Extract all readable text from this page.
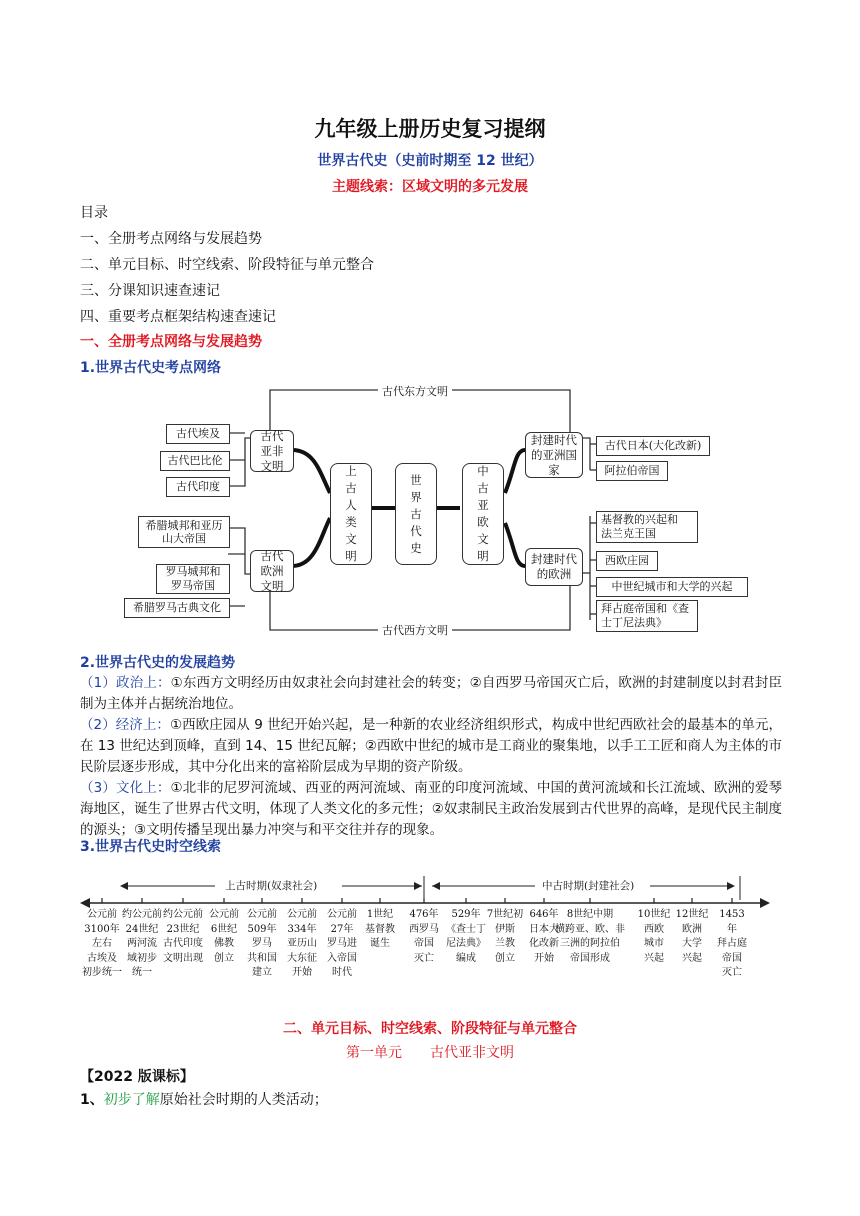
九年级上册历史复习提纲
世界古代史（史前时期至 12 世纪）
主题线索：区域文明的多元发展
目录
一、全册考点网络与发展趋势
二、单元目标、时空线索、阶段特征与单元整合
三、分课知识速查速记
四、重要考点框架结构速查速记
一、全册考点网络与发展趋势
1.世界古代史考点网络
古代东方文明
古代西方文明
古代埃及
古代巴比伦
古代印度
希腊城邦和亚历山大帝国
罗马城邦和罗马帝国
希腊罗马古典文化
古代亚非文明
古代欧洲文明
上古人类文明
世界古代史
中古亚欧文明
封建时代的亚洲国家
封建时代的欧洲
古代日本(大化改新)
阿拉伯帝国
基督教的兴起和法兰克王国
西欧庄园
中世纪城市和大学的兴起
拜占庭帝国和《查士丁尼法典》
2.世界古代史的发展趋势
（1）政治上：①东西方文明经历由奴隶社会向封建社会的转变；②自西罗马帝国灭亡后，欧洲的封建制度以封君封臣制为主体并占据统治地位。
（2）经济上：①西欧庄园从 9 世纪开始兴起，是一种新的农业经济组织形式，构成中世纪西欧社会的最基本的单元，在 13 世纪达到顶峰，直到 14、15 世纪瓦解；②西欧中世纪的城市是工商业的聚集地，以手工工匠和商人为主体的市民阶层逐步形成，其中分化出来的富裕阶层成为早期的资产阶级。
（3）文化上：①北非的尼罗河流域、西亚的两河流域、南亚的印度河流域、中国的黄河流域和长江流域、欧洲的爱琴海地区，诞生了世界古代文明，体现了人类文化的多元性；②奴隶制民主政治发展到古代世界的高峰，是现代民主制度的源头；③文明传播呈现出暴力冲突与和平交往并存的现象。
3.世界古代史时空线索
上古时期(奴隶社会)	中古时期(封建社会)
公元前
3100年左右
古埃及
初步统一
约公元前
24世纪
两河流
域初步
统一
约公元前
23世纪
古代印度
文明出现
公元前
6世纪
佛教
创立
公元前
509年
罗马
共和国
建立
公元前
334年
亚历山
大东征
开始
公元前
27年
罗马进
入帝国
时代
1世纪
基督教
诞生
476年
西罗马
帝国
灭亡
529年
《查士丁
尼法典》
编成
7世纪初
伊斯
兰教
创立
646年
日本大
化改新
开始
8世纪中期
横跨亚、欧、非
三洲的阿拉伯
帝国形成
10世纪
西欧
城市
兴起
12世纪
欧洲
大学
兴起
1453年
拜占庭
帝国
灭亡
二、单元目标、时空线索、阶段特征与单元整合
第一单元　　古代亚非文明
【2022 版课标】
1、初步了解原始社会时期的人类活动；
